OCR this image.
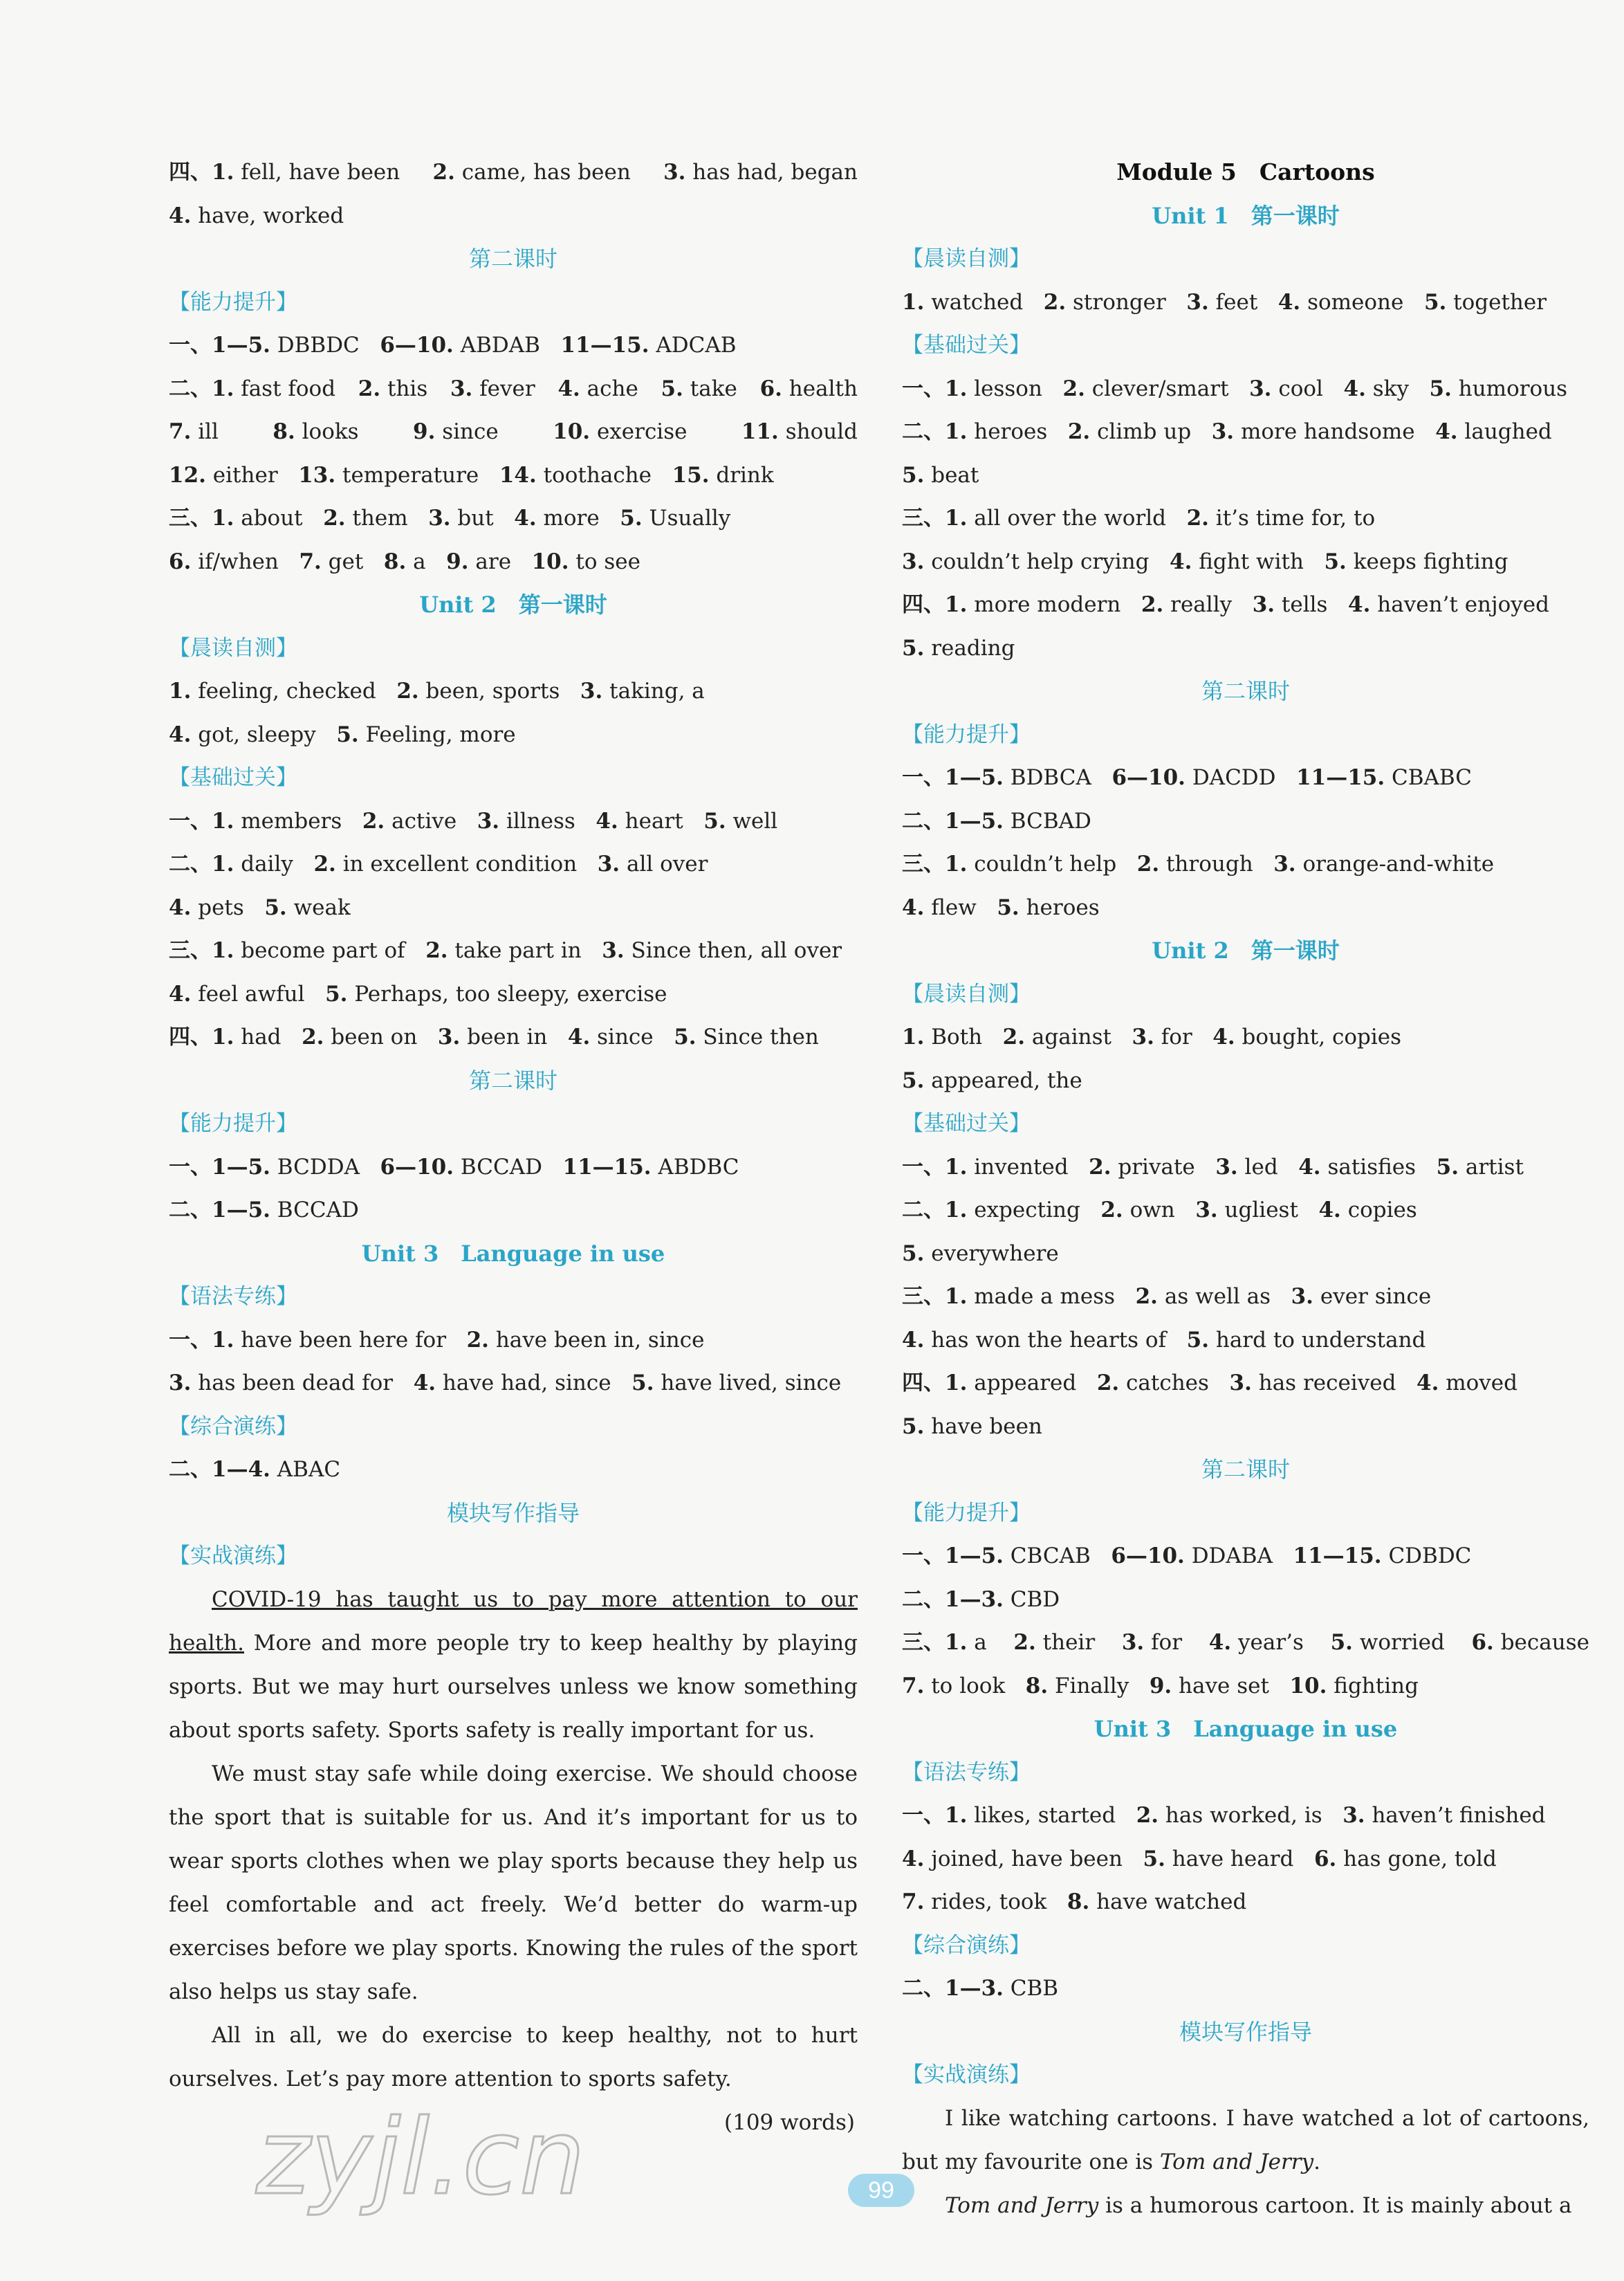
四、1. fell, have been 2. came, has been 3. has had, began
4. have, worked
第二课时
【能力提升】
一、1—5. DBBDC   6—10. ABDAB   11—15. ADCAB
二、1. fast food 2. this 3. fever 4. ache 5. take 6. health
7. ill	8. looks	9. since	10. exercise	11. should
12. either   13. temperature   14. toothache   15. drink
三、1. about   2. them   3. but   4. more   5. Usually
6. if/when   7. get   8. a   9. are   10. to see
Unit 2　第一课时
【晨读自测】
1. feeling, checked   2. been, sports   3. taking, a
4. got, sleepy   5. Feeling, more
【基础过关】
一、1. members   2. active   3. illness   4. heart   5. well
二、1. daily   2. in excellent condition   3. all over
4. pets   5. weak
三、1. become part of   2. take part in   3. Since then, all over
4. feel awful   5. Perhaps, too sleepy, exercise
四、1. had   2. been on   3. been in   4. since   5. Since then
第二课时
【能力提升】
一、1—5. BCDDA   6—10. BCCAD   11—15. ABDBC
二、1—5. BCCAD
Unit 3　Language in use
【语法专练】
一、1. have been here for   2. have been in, since
3. has been dead for   4. have had, since   5. have lived, since
【综合演练】
二、1—4. ABAC
模块写作指导
【实战演练】

COVID-19 has taught us to pay more attention to our health. More and more people try to keep healthy by playing sports. But we may hurt ourselves unless we know something about sports safety. Sports safety is really important for us.

We must stay safe while doing exercise. We should choose the sport that is suitable for us. And it’s important for us to wear sports clothes when we play sports because they help us feel comfortable and act freely. We’d better do warm-up exercises before we play sports. Knowing the rules of the sport also helps us stay safe.

All in all, we do exercise to keep healthy, not to hurt ourselves. Let’s pay more attention to sports safety.

(109 words)
Module 5　Cartoons
Unit 1　第一课时
【晨读自测】
1. watched   2. stronger   3. feet   4. someone   5. together
【基础过关】
一、1. lesson   2. clever/smart   3. cool   4. sky   5. humorous
二、1. heroes   2. climb up   3. more handsome   4. laughed
5. beat
三、1. all over the world   2. it’s time for, to
3. couldn’t help crying   4. fight with   5. keeps fighting
四、1. more modern   2. really   3. tells   4. haven’t enjoyed
5. reading
第二课时
【能力提升】
一、1—5. BDBCA   6—10. DACDD   11—15. CBABC
二、1—5. BCBAD
三、1. couldn’t help   2. through   3. orange-and-white
4. flew   5. heroes
Unit 2　第一课时
【晨读自测】
1. Both   2. against   3. for   4. bought, copies
5. appeared, the
【基础过关】
一、1. invented   2. private   3. led   4. satisfies   5. artist
二、1. expecting   2. own   3. ugliest   4. copies
5. everywhere
三、1. made a mess   2. as well as   3. ever since
4. has won the hearts of   5. hard to understand
四、1. appeared   2. catches   3. has received   4. moved
5. have been
第二课时
【能力提升】
一、1—5. CBCAB   6—10. DDABA   11—15. CDBDC
二、1—3. CBD
三、1. a 2. their 3. for 4. year’s 5. worried 6. because
7. to look   8. Finally   9. have set   10. fighting
Unit 3　Language in use
【语法专练】
一、1. likes, started   2. has worked, is   3. haven’t finished
4. joined, have been   5. have heard   6. has gone, told
7. rides, took   8. have watched
【综合演练】
二、1—3. CBB
模块写作指导
【实战演练】

I like watching cartoons. I have watched a lot of cartoons, but my favourite one is Tom and Jerry.

Tom and Jerry is a humorous cartoon. It is mainly about a

99
zyjl.cn
